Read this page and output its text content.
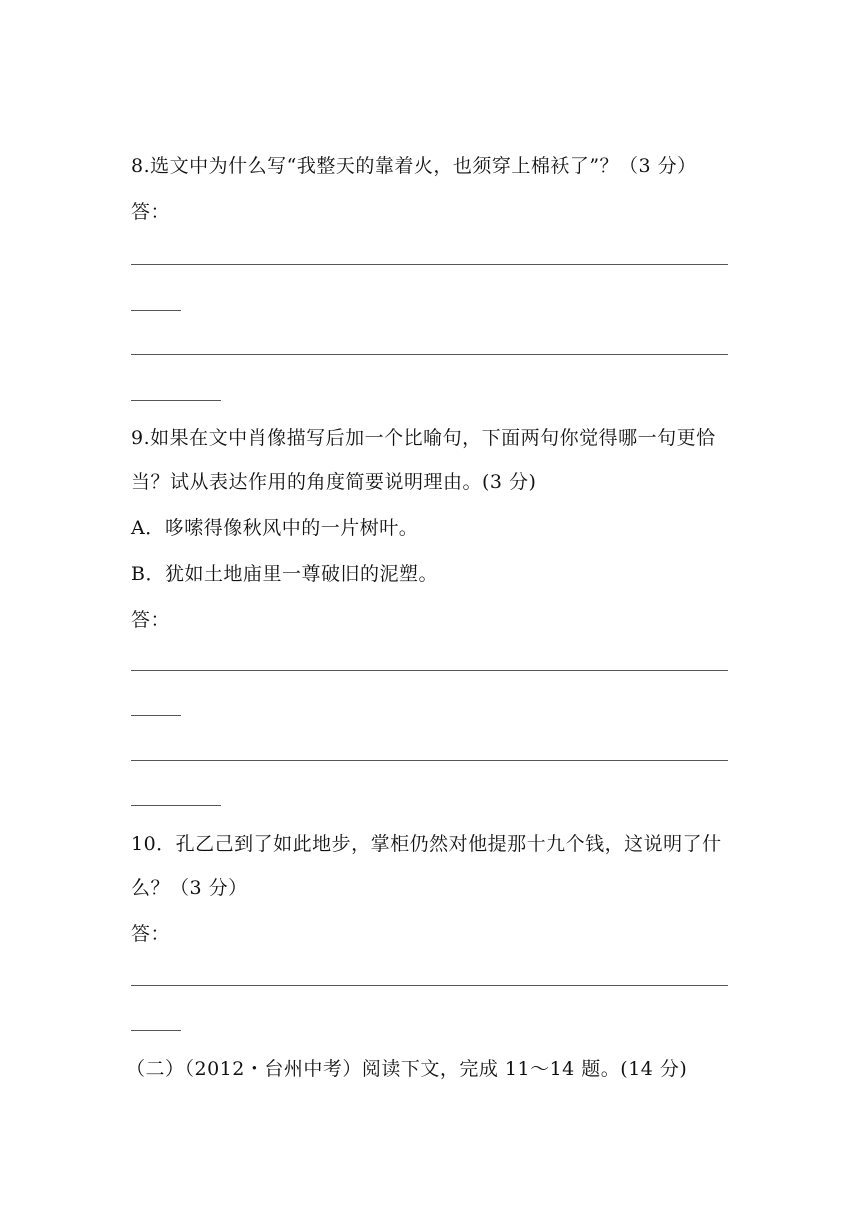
8.选文中为什么写“我整天的靠着火，也须穿上棉袄了”？（3 分）
答：
9.如果在文中肖像描写后加一个比喻句，下面两句你觉得哪一句更恰
当？试从表达作用的角度简要说明理由。(3 分)
A．哆嗦得像秋风中的一片树叶。
B．犹如土地庙里一尊破旧的泥塑。
答：
10．孔乙己到了如此地步，掌柜仍然对他提那十九个钱，这说明了什
么？（3 分）
答：
（二）（2012・台州中考）阅读下文，完成 11～14 题。(14 分)
